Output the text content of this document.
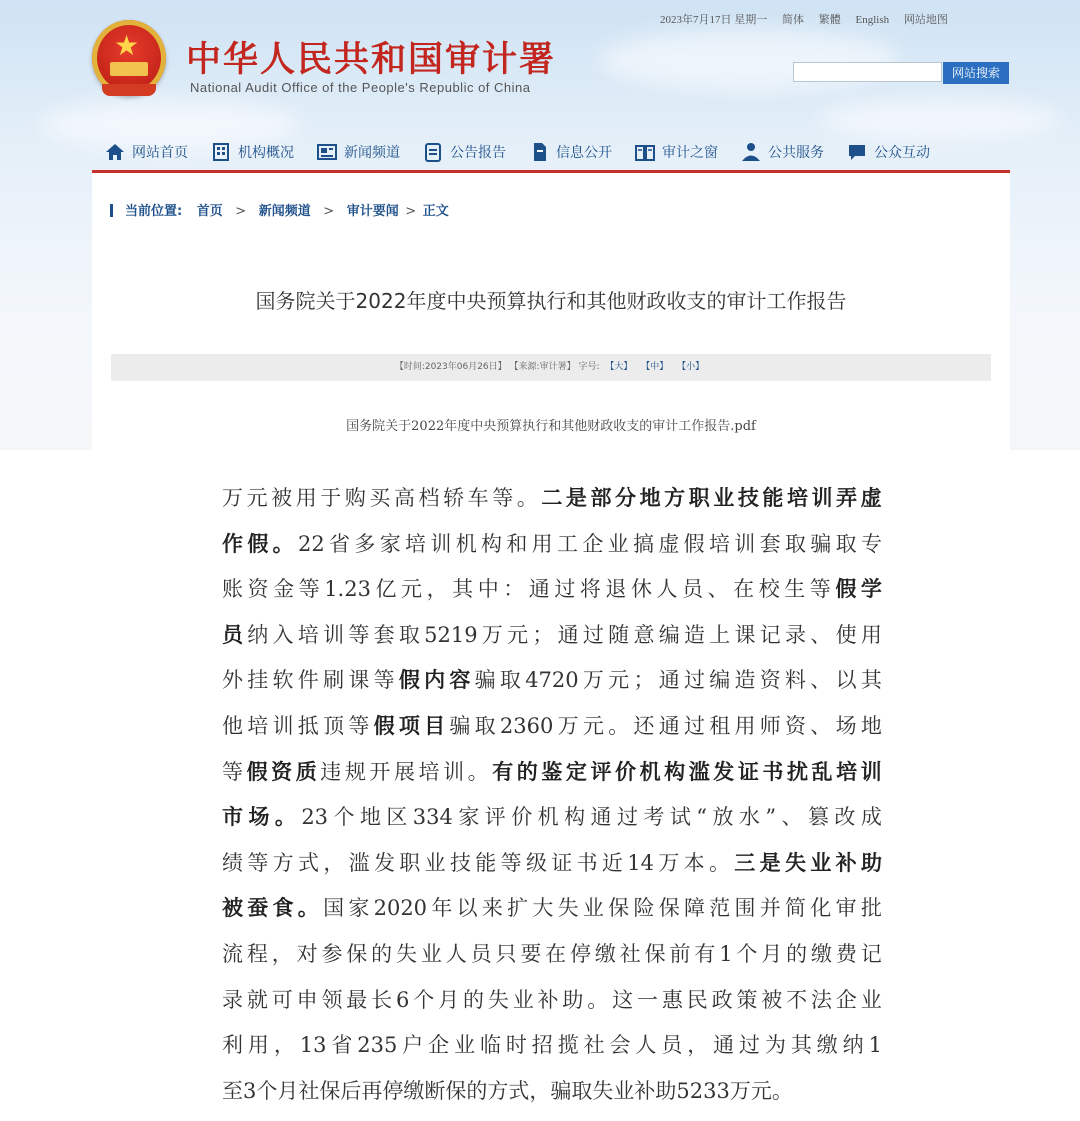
★ 中华人民共和国审计署
National Audit Office of the People's Republic of China
2023年7月17日 星期一 简体 繁體 English 网站地图
网站搜索
网站首页	机构概况	新闻频道	公告报告	信息公开	审计之窗	公共服务	公众互动
当前位置: 首页 > 新闻频道 > 审计要闻 > 正文
国务院关于2022年度中央预算执行和其他财政收支的审计工作报告
【时间:2023年06月26日】 【来源:审计署】 字号: 【大】 【中】 【小】
国务院关于2022年度中央预算执行和其他财政收支的审计工作报告.pdf
万 元 被 用 于 购 买 高 档 轿 车 等 。 二 是 部 分 地 方 职 业 技 能 培 训 弄 虚
作 假 。 22 省 多 家 培 训 机 构 和 用 工 企 业 搞 虚 假 培 训 套 取 骗 取 专
账 资 金 等 1.23 亿 元 ， 其 中 ： 通 过 将 退 休 人 员 、 在 校 生 等 假 学
员 纳 入 培 训 等 套 取 5219 万 元 ； 通 过 随 意 编 造 上 课 记 录 、 使 用
外 挂 软 件 刷 课 等 假 内 容 骗 取 4720 万 元 ； 通 过 编 造 资 料 、 以 其
他 培 训 抵 顶 等 假 项 目 骗 取 2360 万 元 。 还 通 过 租 用 师 资 、 场 地
等 假 资 质 违 规 开 展 培 训 。 有 的 鉴 定 评 价 机 构 滥 发 证 书 扰 乱 培 训
市 场 。 23 个 地 区 334 家 评 价 机 构 通 过 考 试 “ 放 水 ” 、 篡 改 成
绩 等 方 式 ， 滥 发 职 业 技 能 等 级 证 书 近 14 万 本 。 三 是 失 业 补 助
被 蚕 食 。 国 家 2020 年 以 来 扩 大 失 业 保 险 保 障 范 围 并 简 化 审 批
流 程 ， 对 参 保 的 失 业 人 员 只 要 在 停 缴 社 保 前 有 1 个 月 的 缴 费 记
录 就 可 申 领 最 长 6 个 月 的 失 业 补 助 。 这 一 惠 民 政 策 被 不 法 企 业
利 用 ， 13 省 235 户 企 业 临 时 招 揽 社 会 人 员 ， 通 过 为 其 缴 纳 1
至 3 个 月 社 保 后 再 停 缴 断 保 的 方 式 ， 骗 取 失 业 补 助 5233 万 元 。
